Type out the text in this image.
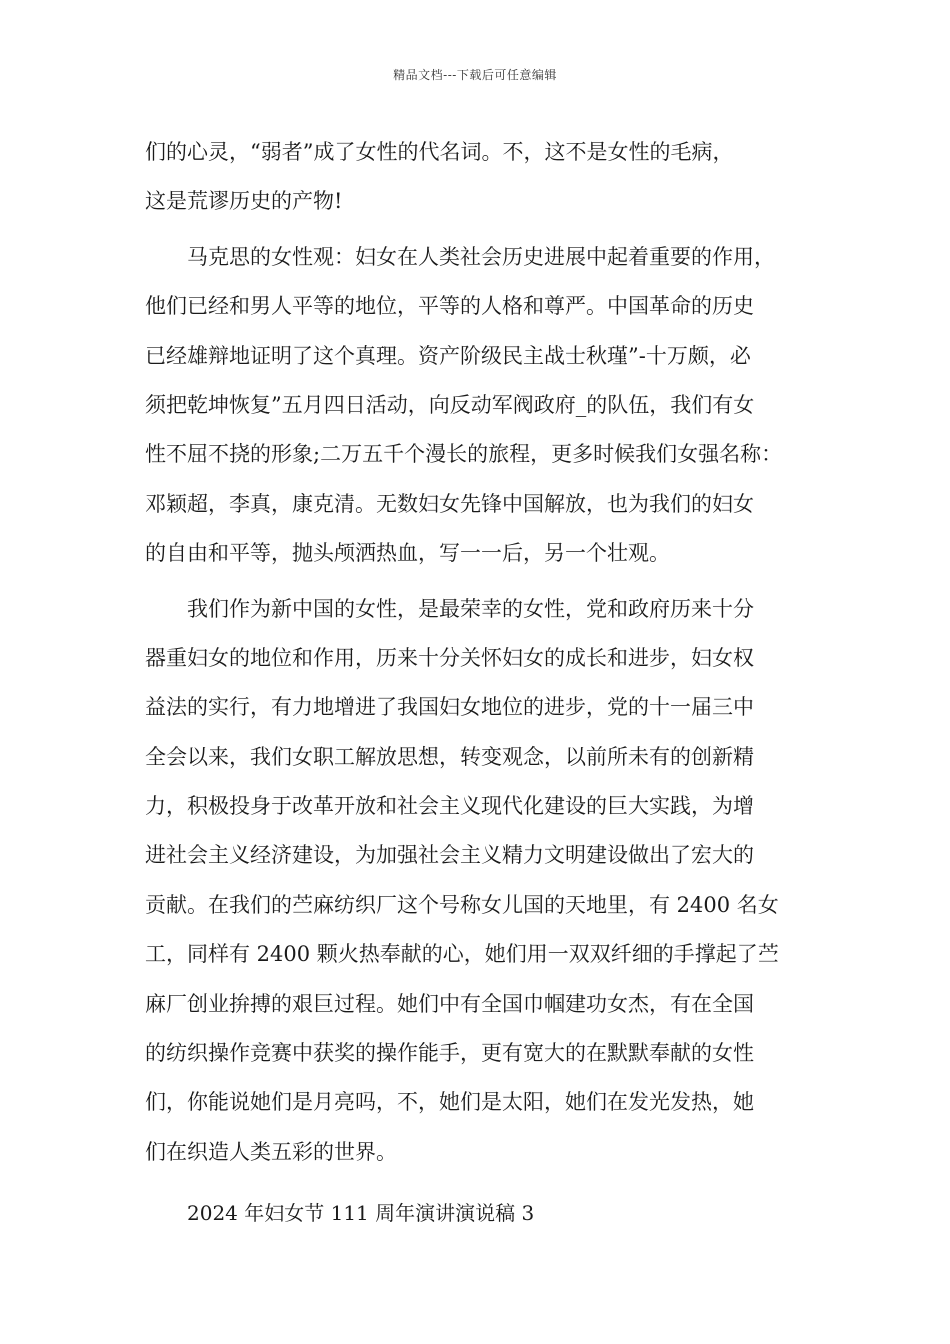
精品文档---下载后可任意编辑
们的心灵，“弱者”成了女性的代名词。不，这不是女性的毛病，
这是荒谬历史的产物!
马克思的女性观：妇女在人类社会历史进展中起着重要的作用，
他们已经和男人平等的地位，平等的人格和尊严。中国革命的历史
已经雄辩地证明了这个真理。资产阶级民主战士秋瑾”-十万颇，必
须把乾坤恢复”五月四日活动，向反动军阀政府_的队伍，我们有女
性不屈不挠的形象;二万五千个漫长的旅程，更多时候我们女强名称：
邓颖超，李真，康克清。无数妇女先锋中国解放，也为我们的妇女
的自由和平等，抛头颅洒热血，写一一后，另一个壮观。
我们作为新中国的女性，是最荣幸的女性，党和政府历来十分
器重妇女的地位和作用，历来十分关怀妇女的成长和进步，妇女权
益法的实行，有力地增进了我国妇女地位的进步，党的十一届三中
全会以来，我们女职工解放思想，转变观念，以前所未有的创新精
力，积极投身于改革开放和社会主义现代化建设的巨大实践，为增
进社会主义经济建设，为加强社会主义精力文明建设做出了宏大的
贡献。在我们的苎麻纺织厂这个号称女儿国的天地里，有 2400 名女
工，同样有 2400 颗火热奉献的心，她们用一双双纤细的手撑起了苎
麻厂创业拚搏的艰巨过程。她们中有全国巾帼建功女杰，有在全国
的纺织操作竞赛中获奖的操作能手，更有宽大的在默默奉献的女性
们，你能说她们是月亮吗，不，她们是太阳，她们在发光发热，她
们在织造人类五彩的世界。
2024 年妇女节 111 周年演讲演说稿 3
